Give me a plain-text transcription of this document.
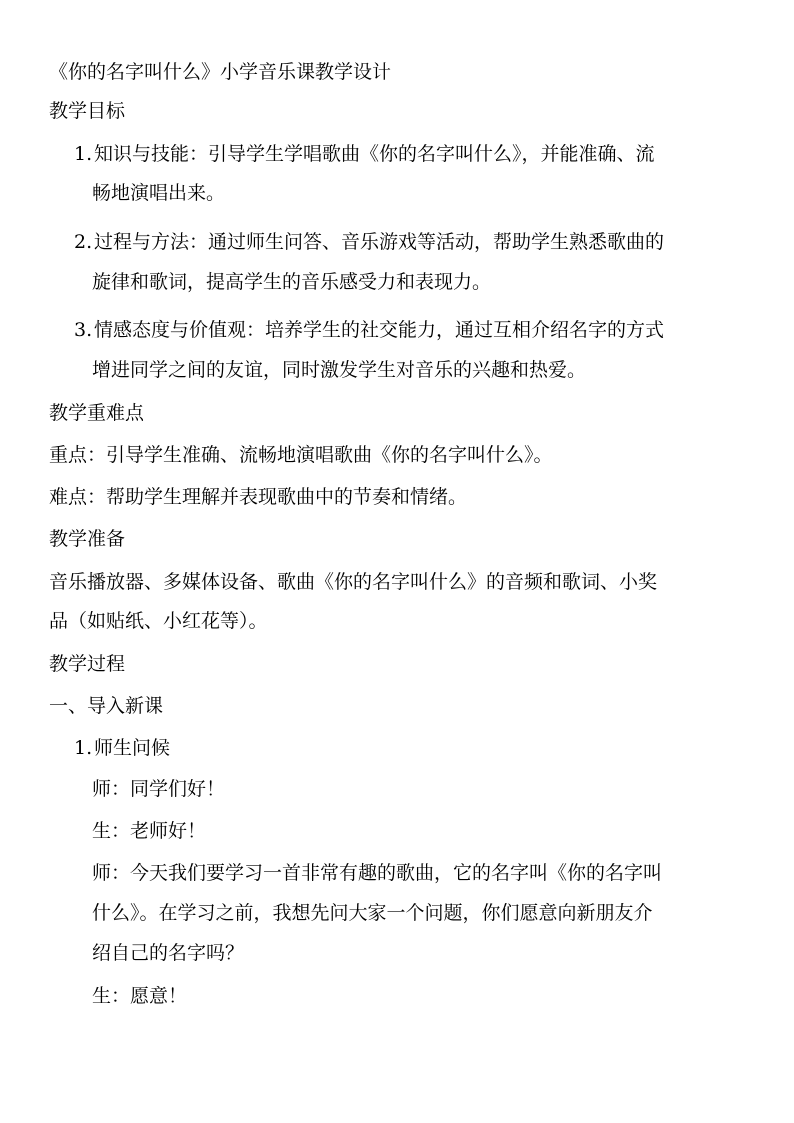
《你的名字叫什么》小学音乐课教学设计
教学目标
1.知识与技能：引导学生学唱歌曲《你的名字叫什么》，并能准确、流
畅地演唱出来。
2.过程与方法：通过师生问答、音乐游戏等活动，帮助学生熟悉歌曲的
旋律和歌词，提高学生的音乐感受力和表现力。
3.情感态度与价值观：培养学生的社交能力，通过互相介绍名字的方式
增进同学之间的友谊，同时激发学生对音乐的兴趣和热爱。
教学重难点
重点：引导学生准确、流畅地演唱歌曲《你的名字叫什么》。
难点：帮助学生理解并表现歌曲中的节奏和情绪。
教学准备
音乐播放器、多媒体设备、歌曲《你的名字叫什么》的音频和歌词、小奖
品（如贴纸、小红花等）。
教学过程
一、导入新课
1.师生问候
师：同学们好！
生：老师好！
师：今天我们要学习一首非常有趣的歌曲，它的名字叫《你的名字叫
什么》。在学习之前，我想先问大家一个问题，你们愿意向新朋友介
绍自己的名字吗？
生：愿意！
